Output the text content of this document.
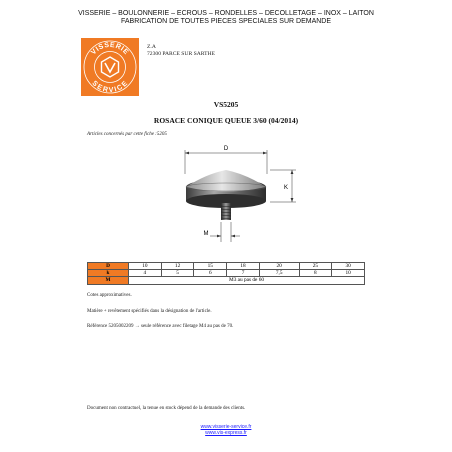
VISSERIE – BOULONNERIE – ECROUS – RONDELLES – DECOLLETAGE – INOX – LAITON
FABRICATION DE TOUTES PIECES SPECIALES SUR DEMANDE
VISSERIE
SERVICE
Z.A
72300 PARCE SUR SARTHE
VS5205
ROSACE CONIQUE QUEUE 3/60 (04/2014)
Articles concernés par cette fiche :5205
D
K
M
D	10	12	15	18	20	25	30
k	4	5	6	7	7,5	8	10
M	M3 au pas de 60						
Cotes approximatives.
Matière + revêtement spécifiés dans la désignation de l'article.
Référence 5205002209 → seule référence avec filetage M4 au pas de 70.
Document non contractuel, la tenue en stock dépend de la demande des clients.
www.visserie-service.fr
www.vis-express.fr
